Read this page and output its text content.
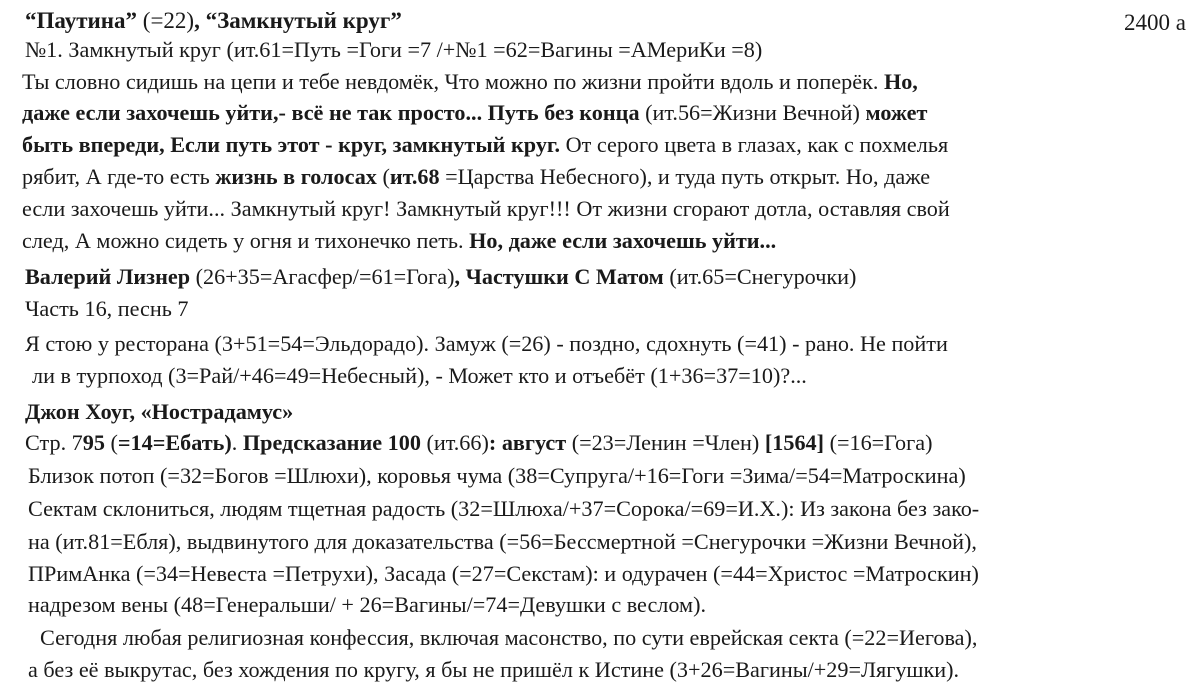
2400 а
“Паутина” (=22), “Замкнутый круг”
№1. Замкнутый круг (ит.61=Путь =Гоги =7 /+№1 =62=Вагины =АМериКи =8)
Ты словно сидишь на цепи и тебе невдомёк, Что можно по жизни пройти вдоль и поперёк. Но,
даже если захочешь уйти,- всё не так просто... Путь без конца (ит.56=Жизни Вечной) может
быть впереди, Если путь этот - круг, замкнутый круг. От серого цвета в глазах, как с похмелья
рябит, А где-то есть жизнь в голосах (ит.68 =Царства Небесного), и туда путь открыт. Но, даже
если захочешь уйти... Замкнутый круг! Замкнутый круг!!! От жизни сгорают дотла, оставляя свой
след, А можно сидеть у огня и тихонечко петь. Но, даже если захочешь уйти...
Валерий Лизнер (26+35=Агасфер/=61=Гога), Частушки С Матом (ит.65=Снегурочки)
Часть 16, песнь 7
Я стою у ресторана (3+51=54=Эльдорадо). Замуж (=26) - поздно, сдохнуть (=41) - рано. Не пойти
ли в турпоход (3=Рай/+46=49=Небесный), - Может кто и отъебёт (1+36=37=10)?...
Джон Хоуг, «Нострадамус»
Стр. 795 (=14=Ебать). Предсказание 100 (ит.66): август (=23=Ленин =Член) [1564] (=16=Гога)
Близок потоп (=32=Богов =Шлюхи), коровья чума (38=Супруга/+16=Гоги =Зима/=54=Матроскина)
Сектам склониться, людям тщетная радость (32=Шлюха/+37=Сорока/=69=И.Х.): Из закона без зако-
на (ит.81=Ебля), выдвинутого для доказательства (=56=Бессмертной =Снегурочки =Жизни Вечной),
ПРимАнка (=34=Невеста =Петрухи), Засада (=27=Секстам): и одурачен (=44=Христос =Матроскин)
надрезом вены (48=Генеральши/ + 26=Вагины/=74=Девушки с веслом).
Сегодня любая религиозная конфессия, включая масонство, по сути еврейская секта (=22=Иегова),
а без её выкрутас, без хождения по кругу, я бы не пришёл к Истине (3+26=Вагины/+29=Лягушки).
